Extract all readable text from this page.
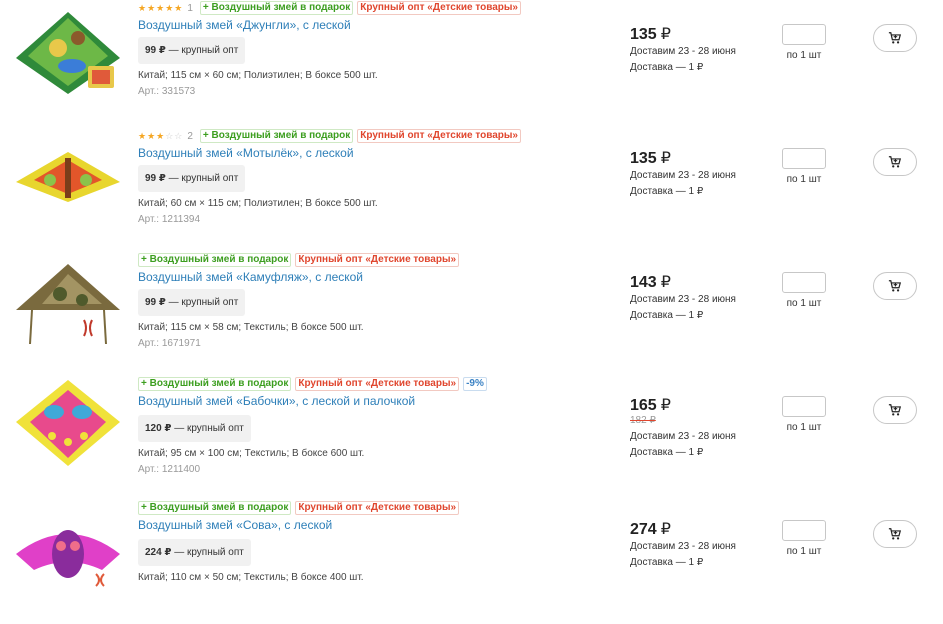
★★★★★ 1	+ Воздушный змей в подарок	Крупный опт «Детские товары»
Воздушный змей «Джунгли», с леской
99 ₽ — крупный опт
Китай; 115 см × 60 см; Полиэтилен; В боксе 500 шт.
Арт.: 331573
135 ₽
Доставим 23 - 28 июня
Доставка — 1 ₽
по 1 шт
★★★☆☆ 2	+ Воздушный змей в подарок	Крупный опт «Детские товары»
Воздушный змей «Мотылёк», с леской
99 ₽ — крупный опт
Китай; 60 см × 115 см; Полиэтилен; В боксе 500 шт.
Арт.: 1211394
135 ₽
Доставим 23 - 28 июня
Доставка — 1 ₽
по 1 шт
+ Воздушный змей в подарок	Крупный опт «Детские товары»
Воздушный змей «Камуфляж», с леской
99 ₽ — крупный опт
Китай; 115 см × 58 см; Текстиль; В боксе 500 шт.
Арт.: 1671971
143 ₽
Доставим 23 - 28 июня
Доставка — 1 ₽
по 1 шт
+ Воздушный змей в подарок	Крупный опт «Детские товары»	-9%
Воздушный змей «Бабочки», с леской и палочкой
120 ₽ — крупный опт
Китай; 95 см × 100 см; Текстиль; В боксе 600 шт.
Арт.: 1211400
165 ₽
182 ₽
Доставим 23 - 28 июня
Доставка — 1 ₽
по 1 шт
+ Воздушный змей в подарок	Крупный опт «Детские товары»
Воздушный змей «Сова», с леской
224 ₽ — крупный опт
Китай; 110 см × 50 см; Текстиль; В боксе 400 шт.
274 ₽
Доставим 23 - 28 июня
Доставка — 1 ₽
по 1 шт
